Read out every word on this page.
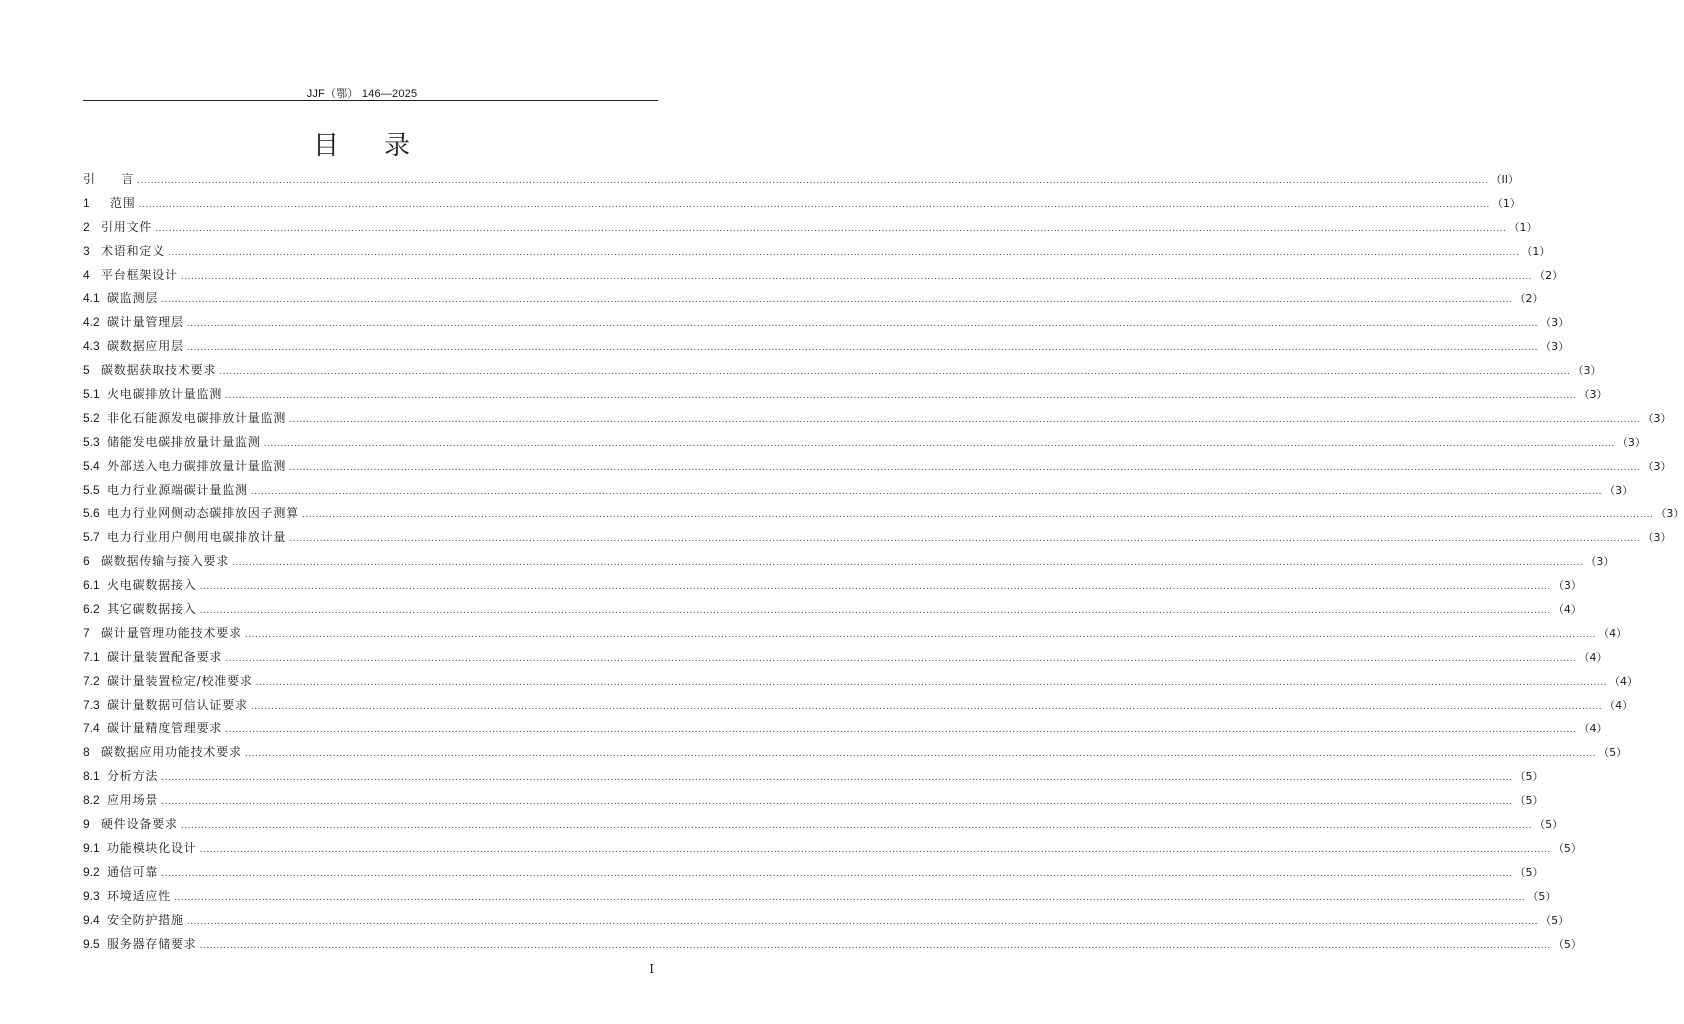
JJF（鄂） 146—2025
目 录
引　　言 ................................................................................................................................................................................................................................................................................................................................................................................................................ （II）
1	范围 ................................................................................................................................................................................................................................................................................................................................................................................................................ （1）
2 引用文件 ................................................................................................................................................................................................................................................................................................................................................................................................................ （1）
3 术语和定义 ................................................................................................................................................................................................................................................................................................................................................................................................................ （1）
4 平台框架设计 ................................................................................................................................................................................................................................................................................................................................................................................................................ （2）
4.1 碳监测层 ................................................................................................................................................................................................................................................................................................................................................................................................................ （2）
4.2 碳计量管理层 ................................................................................................................................................................................................................................................................................................................................................................................................................ （3）
4.3 碳数据应用层 ................................................................................................................................................................................................................................................................................................................................................................................................................ （3）
5 碳数据获取技术要求 ................................................................................................................................................................................................................................................................................................................................................................................................................ （3）
5.1 火电碳排放计量监测 ................................................................................................................................................................................................................................................................................................................................................................................................................ （3）
5.2 非化石能源发电碳排放计量监测 ................................................................................................................................................................................................................................................................................................................................................................................................................ （3）
5.3 储能发电碳排放量计量监测 ................................................................................................................................................................................................................................................................................................................................................................................................................ （3）
5.4 外部送入电力碳排放量计量监测 ................................................................................................................................................................................................................................................................................................................................................................................................................ （3）
5.5 电力行业源端碳计量监测 ................................................................................................................................................................................................................................................................................................................................................................................................................ （3）
5.6 电力行业网侧动态碳排放因子测算 ................................................................................................................................................................................................................................................................................................................................................................................................................ （3）
5.7 电力行业用户侧用电碳排放计量 ................................................................................................................................................................................................................................................................................................................................................................................................................ （3）
6 碳数据传输与接入要求 ................................................................................................................................................................................................................................................................................................................................................................................................................ （3）
6.1 火电碳数据接入 ................................................................................................................................................................................................................................................................................................................................................................................................................ （3）
6.2 其它碳数据接入 ................................................................................................................................................................................................................................................................................................................................................................................................................ （4）
7 碳计量管理功能技术要求 ................................................................................................................................................................................................................................................................................................................................................................................................................ （4）
7.1 碳计量装置配备要求 ................................................................................................................................................................................................................................................................................................................................................................................................................ （4）
7.2 碳计量装置检定/校准要求 ................................................................................................................................................................................................................................................................................................................................................................................................................ （4）
7.3 碳计量数据可信认证要求 ................................................................................................................................................................................................................................................................................................................................................................................................................ （4）
7.4 碳计量精度管理要求 ................................................................................................................................................................................................................................................................................................................................................................................................................ （4）
8 碳数据应用功能技术要求 ................................................................................................................................................................................................................................................................................................................................................................................................................ （5）
8.1 分析方法 ................................................................................................................................................................................................................................................................................................................................................................................................................ （5）
8.2 应用场景 ................................................................................................................................................................................................................................................................................................................................................................................................................ （5）
9 硬件设备要求 ................................................................................................................................................................................................................................................................................................................................................................................................................ （5）
9.1 功能模块化设计 ................................................................................................................................................................................................................................................................................................................................................................................................................ （5）
9.2 通信可靠 ................................................................................................................................................................................................................................................................................................................................................................................................................ （5）
9.3 环境适应性 ................................................................................................................................................................................................................................................................................................................................................................................................................ （5）
9.4 安全防护措施 ................................................................................................................................................................................................................................................................................................................................................................................................................ （5）
9.5 服务器存储要求 ................................................................................................................................................................................................................................................................................................................................................................................................................ （5）
I
